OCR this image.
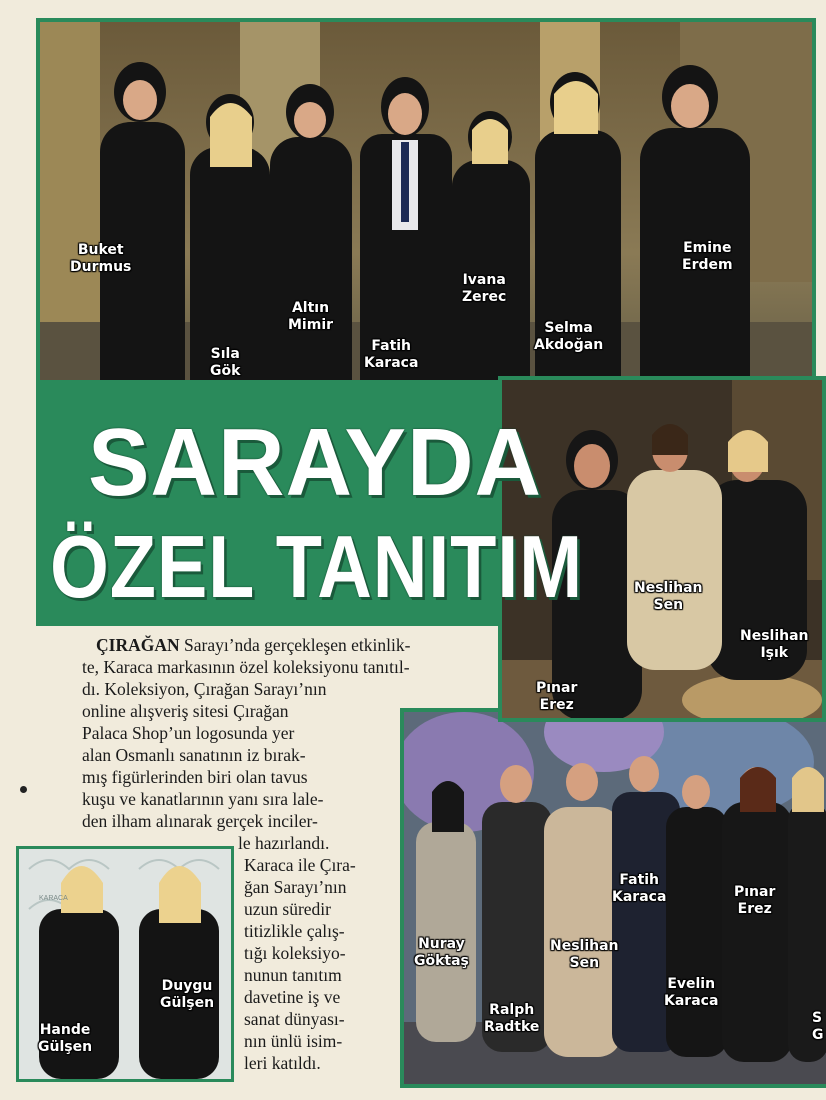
SARAYDA
ÖZEL TANITIM
Buket
Durmus
Sıla
Gök
Altın
Mimir
Fatih
Karaca
Ivana
Zerec
Selma
Akdoğan
Emine
Erdem
Neslihan
Sen
Neslihan
Işık
Pınar
Erez
Nuray
Göktaş
Ralph
Radtke
Neslihan
Sen
Fatih
Karaca	Pınar
Erez
Evelin
Karaca
S
G
KARACA
Duygu
Gülşen
Hande
Gülşen
ÇIRAĞAN Sarayı’nda gerçekleşen etkinlik-
te, Karaca markasının özel koleksiyonu tanıtıl-
dı. Koleksiyon, Çırağan Sarayı’nın
online alışveriş sitesi Çırağan
Palaca Shop’un logosunda yer
alan Osmanlı sanatının iz bırak-
mış figürlerinden biri olan tavus
kuşu ve kanatlarının yanı sıra lale-
den ilham alınarak gerçek inciler-
le hazırlandı.
Karaca ile Çıra-
ğan Sarayı’nın
uzun süredir
titizlikle çalış-
tığı koleksiyo-
nunun tanıtım
davetine iş ve
sanat dünyası-
nın ünlü isim-
leri katıldı.
